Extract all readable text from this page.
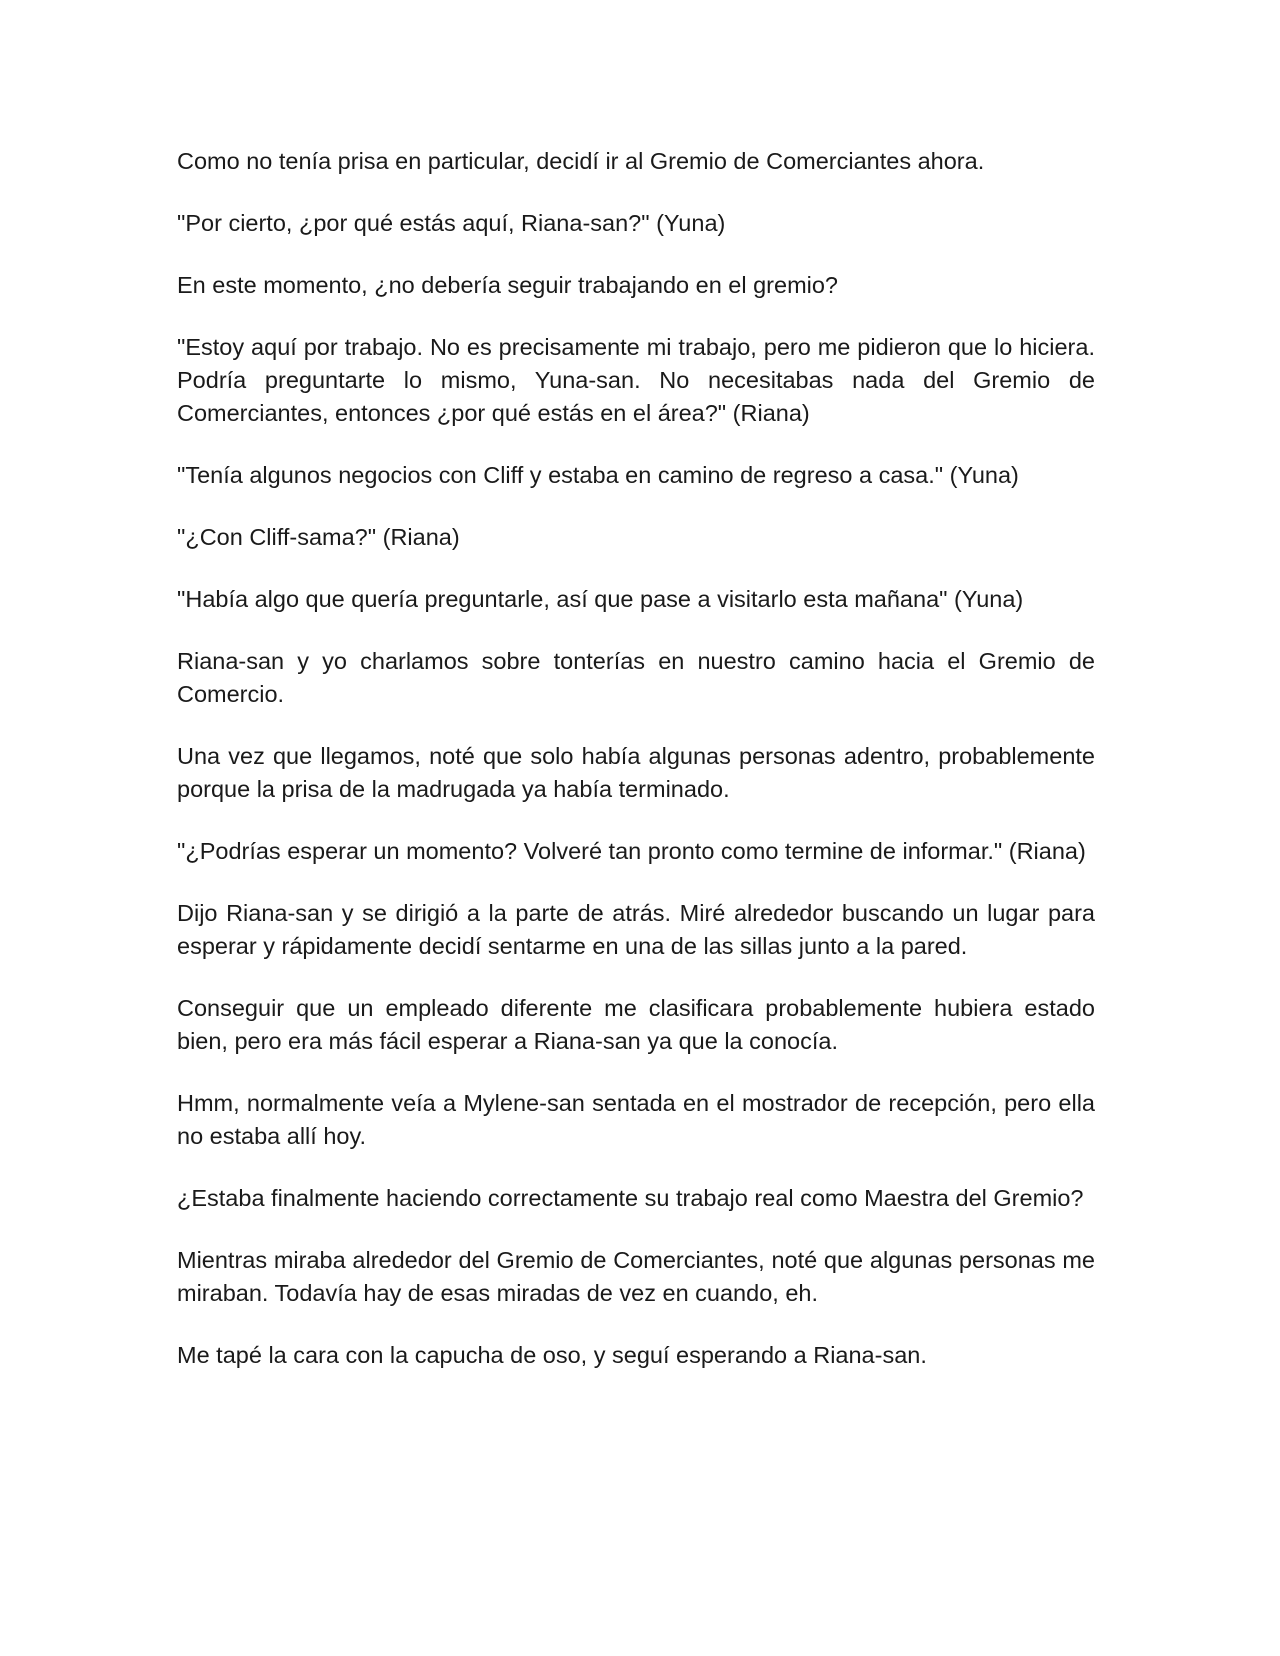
Como no tenía prisa en particular, decidí ir al Gremio de Comerciantes ahora.

"Por cierto, ¿por qué estás aquí, Riana-san?" (Yuna)

En este momento, ¿no debería seguir trabajando en el gremio?

"Estoy aquí por trabajo. No es precisamente mi trabajo, pero me pidieron que lo hiciera. Podría preguntarte lo mismo, Yuna-san. No necesitabas nada del Gremio de Comerciantes, entonces ¿por qué estás en el área?" (Riana)

"Tenía algunos negocios con Cliff y estaba en camino de regreso a casa." (Yuna)

"¿Con Cliff-sama?" (Riana)

"Había algo que quería preguntarle, así que pase a visitarlo esta mañana" (Yuna)

Riana-san y yo charlamos sobre tonterías en nuestro camino hacia el Gremio de Comercio.

Una vez que llegamos, noté que solo había algunas personas adentro, probablemente porque la prisa de la madrugada ya había terminado.

"¿Podrías esperar un momento? Volveré tan pronto como termine de informar." (Riana)

Dijo Riana-san y se dirigió a la parte de atrás. Miré alrededor buscando un lugar para esperar y rápidamente decidí sentarme en una de las sillas junto a la pared.

Conseguir que un empleado diferente me clasificara probablemente hubiera estado bien, pero era más fácil esperar a Riana-san ya que la conocía.

Hmm, normalmente veía a Mylene-san sentada en el mostrador de recepción, pero ella no estaba allí hoy.

¿Estaba finalmente haciendo correctamente su trabajo real como Maestra del Gremio?

Mientras miraba alrededor del Gremio de Comerciantes, noté que algunas personas me miraban. Todavía hay de esas miradas de vez en cuando, eh.

Me tapé la cara con la capucha de oso, y seguí esperando a Riana-san.
